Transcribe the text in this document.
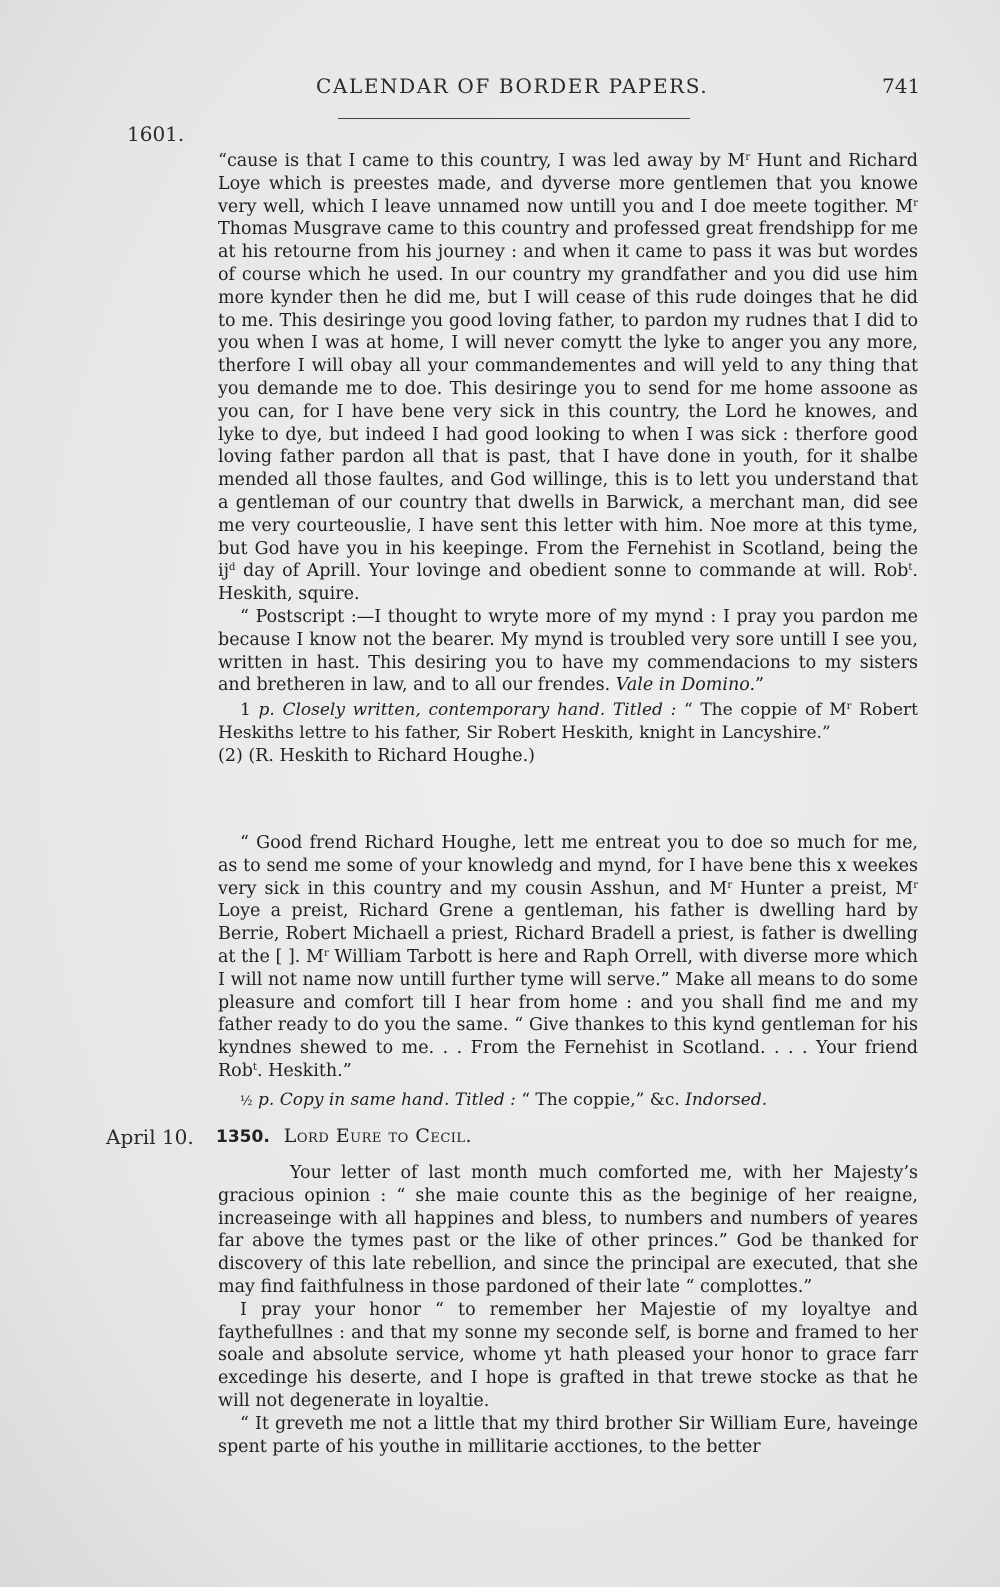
CALENDAR OF BORDER PAPERS.	741
1601.

“cause is that I came to this country, I was led away by $M^r$ Hunt and Richard Loye which is preestes made, and dyverse more gentlemen that you knowe very well, which I leave unnamed now untill you and I doe meete togither. $M^r$ Thomas Musgrave came to this country and professed great frendshipp for me at his retourne from his journey : and when it came to pass it was but wordes of course which he used. In our country my grandfather and you did use him more kynder then he did me, but I will cease of this rude doinges that he did to me. This desiringe you good loving father, to pardon my rudnes that I did to you when I was at home, I will never comytt the lyke to anger you any more, therfore I will obay all your commandementes and will yeld to any thing that you demande me to doe. This desiringe you to send for me home assoone as you can, for I have bene very sick in this country, the Lord he knowes, and lyke to dye, but indeed I had good looking to when I was sick : therfore good loving father pardon all that is past, that I have done in youth, for it shalbe mended all those faultes, and God willinge, this is to lett you understand that a gentleman of our country that dwells in Barwick, a merchant man, did see me very courteouslie, I have sent this letter with him. Noe more at this tyme, but God have you in his keepinge. From the Fernehist in Scotland, being the $ij^d$ day of Aprill. Your lovinge and obedient sonne to commande at will. Rob$^t$. Heskith, squire.

“ Postscript :—I thought to wryte more of my mynd : I pray you pardon me because I know not the bearer. My mynd is troubled very sore untill I see you, written in hast. This desiring you to have my commendacions to my sisters and bretheren in law, and to all our frendes. Vale in Domino.”

1 p. Closely written, contemporary hand. Titled : “ The coppie of $M^r$ Robert Heskiths lettre to his father, Sir Robert Heskith, knight in Lancyshire.”

(2) (R. Heskith to Richard Houghe.)

“ Good frend Richard Houghe, lett me entreat you to doe so much for me, as to send me some of your knowledg and mynd, for I have bene this x weekes very sick in this country and my cousin Asshun, and $M^r$ Hunter a preist, $M^r$ Loye a preist, Richard Grene a gentleman, his father is dwelling hard by Berrie, Robert Michaell a priest, Richard Bradell a priest, is father is dwelling at the [ ]. $M^r$ William Tarbott is here and Raph Orrell, with diverse more which I will not name now untill further tyme will serve.” Make all means to do some pleasure and comfort till I hear from home : and you shall find me and my father ready to do you the same. “ Give thankes to this kynd gentleman for his kyndnes shewed to me. . . From the Fernehist in Scotland. . . . Your friend Rob$^t$. Heskith.”

½ p. Copy in same hand. Titled : “ The coppie,” &c. Indorsed.

April 10. 1350. Lord Eure to Cecil.

Your letter of last month much comforted me, with her Majesty’s gracious opinion : “ she maie counte this as the beginige of her reaigne, increaseinge with all happines and bless, to numbers and numbers of yeares far above the tymes past or the like of other princes.” God be thanked for discovery of this late rebellion, and since the principal are executed, that she may find faithfulness in those pardoned of their late “ complottes.”

I pray your honor “ to remember her Majestie of my loyaltye and faythefullnes : and that my sonne my seconde self, is borne and framed to her soale and absolute service, whome yt hath pleased your honor to grace farr excedinge his deserte, and I hope is grafted in that trewe stocke as that he will not degenerate in loyaltie.

“ It greveth me not a little that my third brother Sir William Eure, haveinge spent parte of his youthe in millitarie acctiones, to the better
